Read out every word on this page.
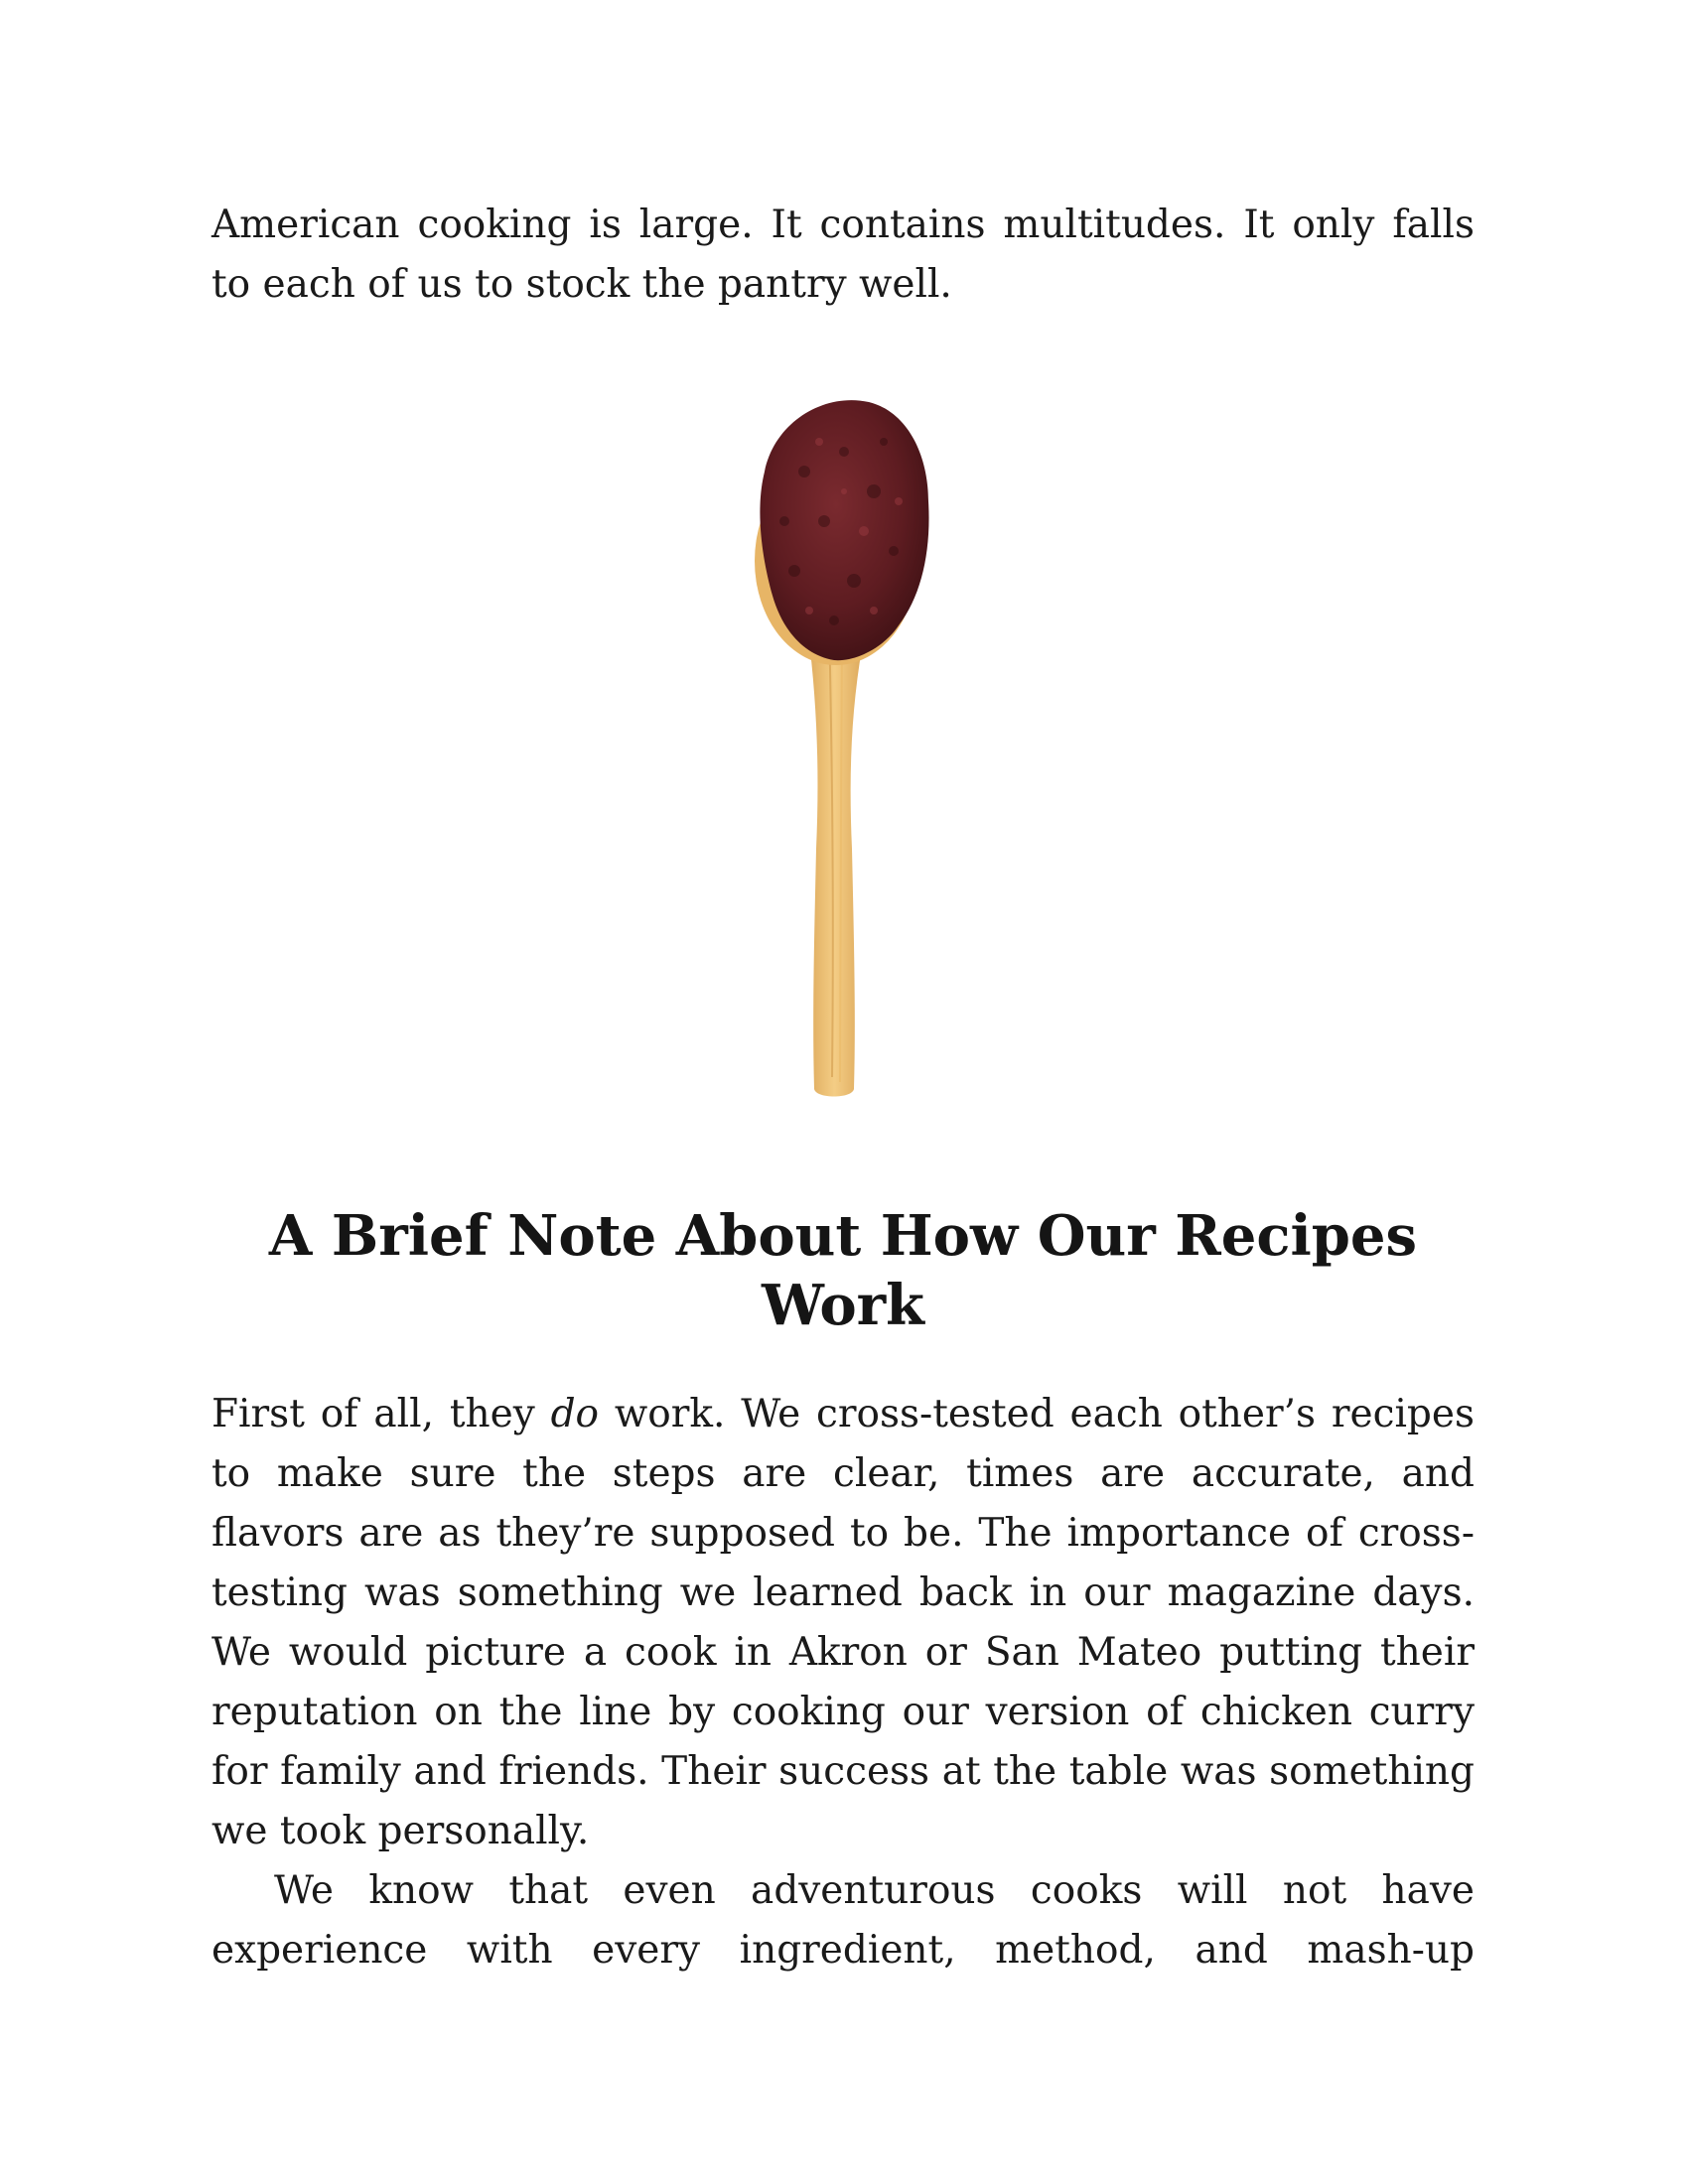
American cooking is large. It contains multitudes. It only falls to each of us to stock the pantry well.

A Brief Note About How Our Recipes Work

First of all, they do work. We cross-tested each other’s recipes to make sure the steps are clear, times are accurate, and flavors are as they’re supposed to be. The importance of cross-testing was something we learned back in our magazine days. We would picture a cook in Akron or San Mateo putting their reputation on the line by cooking our version of chicken curry for family and friends. Their success at the table was something we took personally.

We know that even adventurous cooks will not have experience with every ingredient, method, and mash-up
